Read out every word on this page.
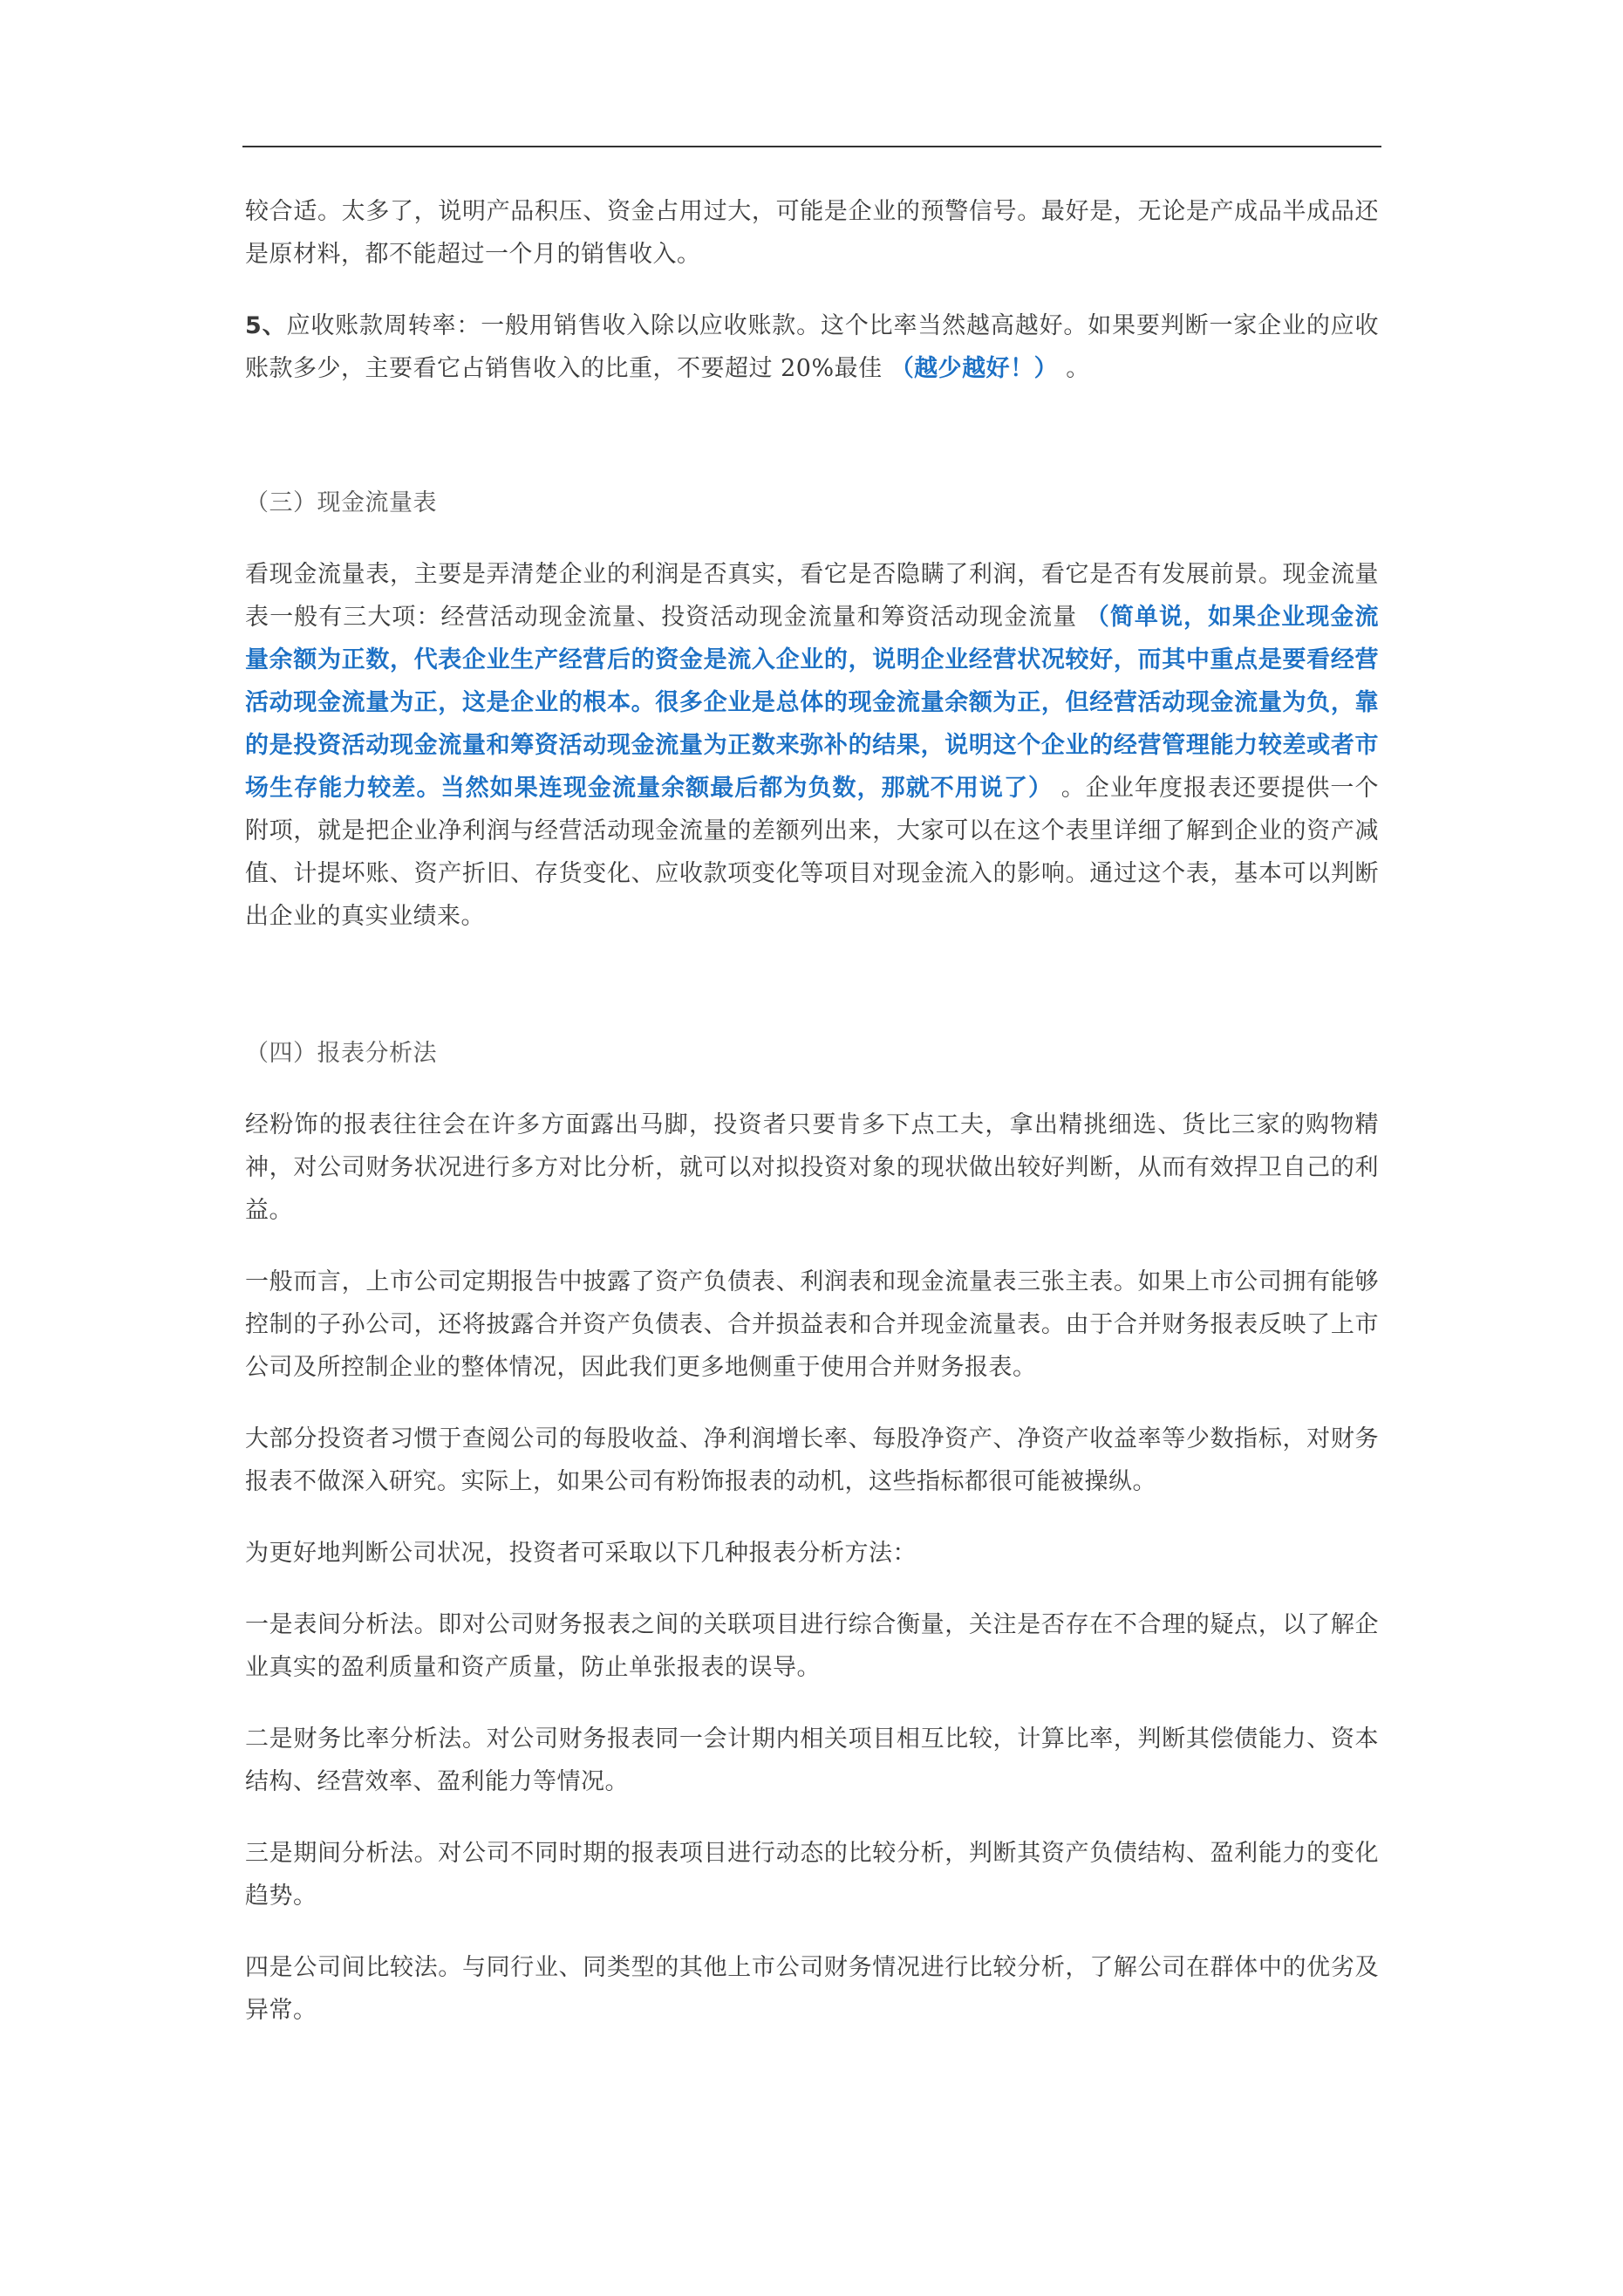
较合适。太多了，说明产品积压、资金占用过大，可能是企业的预警信号。最好是，无论是产成品半成品还是原材料，都不能超过一个月的销售收入。

5、应收账款周转率：一般用销售收入除以应收账款。这个比率当然越高越好。如果要判断一家企业的应收账款多少，主要看它占销售收入的比重，不要超过 20%最佳 （越少越好！） 。

（三）现金流量表

看现金流量表，主要是弄清楚企业的利润是否真实，看它是否隐瞒了利润，看它是否有发展前景。现金流量表一般有三大项：经营活动现金流量、投资活动现金流量和筹资活动现金流量 （简单说，如果企业现金流量余额为正数，代表企业生产经营后的资金是流入企业的，说明企业经营状况较好，而其中重点是要看经营活动现金流量为正，这是企业的根本。很多企业是总体的现金流量余额为正，但经营活动现金流量为负，靠的是投资活动现金流量和筹资活动现金流量为正数来弥补的结果，说明这个企业的经营管理能力较差或者市场生存能力较差。当然如果连现金流量余额最后都为负数，那就不用说了） 。企业年度报表还要提供一个附项，就是把企业净利润与经营活动现金流量的差额列出来，大家可以在这个表里详细了解到企业的资产减值、计提坏账、资产折旧、存货变化、应收款项变化等项目对现金流入的影响。通过这个表，基本可以判断出企业的真实业绩来。

（四）报表分析法

经粉饰的报表往往会在许多方面露出马脚，投资者只要肯多下点工夫，拿出精挑细选、货比三家的购物精神，对公司财务状况进行多方对比分析，就可以对拟投资对象的现状做出较好判断，从而有效捍卫自己的利益。

一般而言，上市公司定期报告中披露了资产负债表、利润表和现金流量表三张主表。如果上市公司拥有能够控制的子孙公司，还将披露合并资产负债表、合并损益表和合并现金流量表。由于合并财务报表反映了上市公司及所控制企业的整体情况，因此我们更多地侧重于使用合并财务报表。

大部分投资者习惯于查阅公司的每股收益、净利润增长率、每股净资产、净资产收益率等少数指标，对财务报表不做深入研究。实际上，如果公司有粉饰报表的动机，这些指标都很可能被操纵。

为更好地判断公司状况，投资者可采取以下几种报表分析方法：

一是表间分析法。即对公司财务报表之间的关联项目进行综合衡量，关注是否存在不合理的疑点，以了解企业真实的盈利质量和资产质量，防止单张报表的误导。

二是财务比率分析法。对公司财务报表同一会计期内相关项目相互比较，计算比率，判断其偿债能力、资本结构、经营效率、盈利能力等情况。

三是期间分析法。对公司不同时期的报表项目进行动态的比较分析，判断其资产负债结构、盈利能力的变化趋势。

四是公司间比较法。与同行业、同类型的其他上市公司财务情况进行比较分析，了解公司在群体中的优劣及异常。
